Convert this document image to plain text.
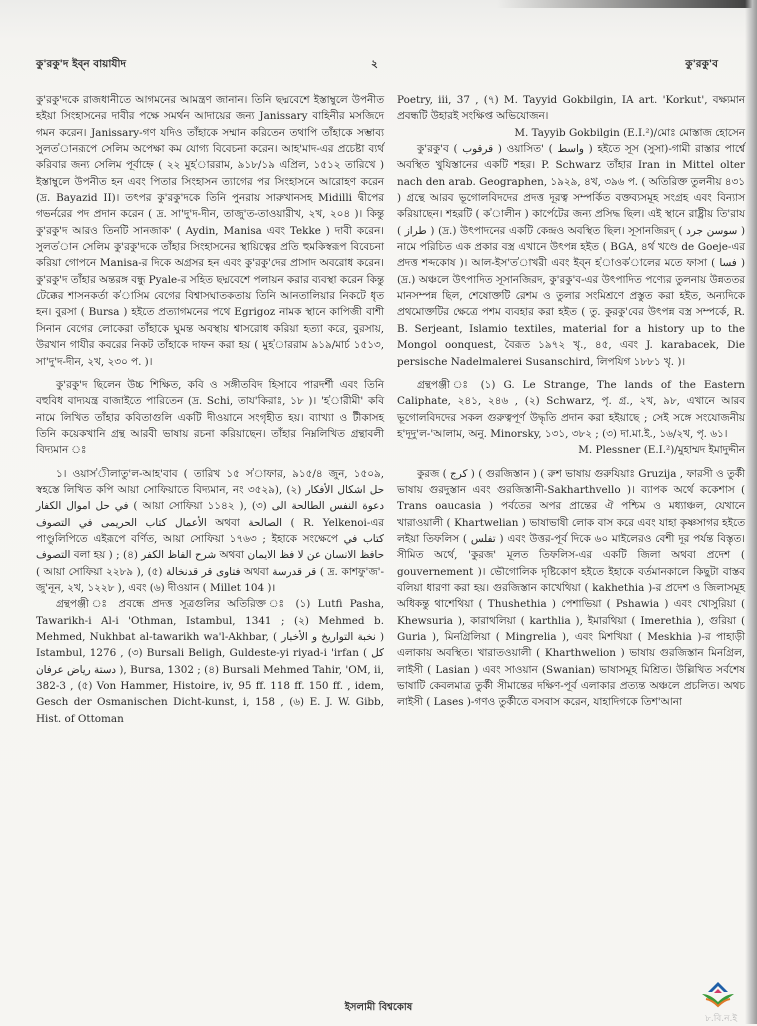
কু'রকু'দ ইব্‌ন বায়াযীদ	২	কু'রকু'ব

কু'রকু'দকে রাজধানীতে আগমনের আমন্ত্রণ জানান। তিনি ছদ্মবেশে ইস্তাম্বুলে উপনীত হইয়া সিংহাসনের দাবীর পক্ষে সমর্থন আদায়ের জন্য Janissary বাহিনীর মসজিদে গমন করেন। Janissary-গণ যদিও তাঁহাকে সম্মান করিতেন তথাপি তাঁহাকে সম্ভাব্য সুলত'ানরূপে সেলিম অপেক্ষা কম যোগ্য বিবেচনা করেন। আহ'মাদ-এর প্রচেষ্টা ব্যর্থ করিবার জন্য সেলিম পূর্বাহ্নে ( ২২ মুহ'াররাম, ৯১৮/১৯ এপ্রিল, ১৫১২ তারিখে ) ইস্তাম্বুলে উপনীত হন এবং পিতার সিংহাসন ত্যাগের পর সিংহাসনে আরোহণ করেন (দ্র. Bayazid II)। তৎপর কু'রকু'দকে তিনি পুনরায় সারুখানসহ Midilli দ্বীপের গভর্নরের পদ প্রদান করেন ( দ্র. সা'দু'দ-দীন, তাজু'ত-তাওয়ারীখ, ২খ, ২০৪ )। কিন্তু কু'রকু'দ আরও তিনটি সানজাক' ( Aydin, Manisa এবং Tekke ) দাবী করেন। সুলত'ান সেলিম কু'রকু'দকে তাঁহার সিংহাসনের স্থায়িত্বের প্রতি হুমকিস্বরূপ বিবেচনা করিয়া গোপনে Manisa-র দিকে অগ্রসর হন এবং কু'রকু'দের প্রাসাদ অবরোধ করেন। কু'রকু'দ তাঁহার অন্তরঙ্গ বন্ধু Pyale-র সহিত ছদ্মবেশে পলায়ন করার ব্যবস্থা করেন কিন্তু টেক্কের শাসনকর্তা ক'াসিম বেগের বিশ্বাসঘাতকতায় তিনি আনতালিয়ার নিকটে ধৃত হন। বুরসা ( Bursa ) হইতে প্রত্যাগমনের পথে Egrigoz নামক স্থানে কাপিজী বাশী সিনান বেগের লোকেরা তাঁহাকে ঘুমন্ত অবস্থায় শ্বাসরোধ করিয়া হত্যা করে, বুরসায়, উরখান গাযীর কবরের নিকট তাঁহাকে দাফন করা হয় ( মুহ'াররাম ৯১৯/মার্চ ১৫১৩, সা'দু'দ-দীন, ২খ, ২৩০ প. )।

কু'রকু'দ ছিলেন উচ্চ শিক্ষিত, কবি ও সঙ্গীতবিদ হিসাবে পারদর্শী এবং তিনি বহুবিধ বাদ্যযন্ত্র বাজাইতে পারিতেন (দ্র. Schi, তায'কিরাঃ, ১৮ )। 'হ'ারীমী' কবি নামে লিখিত তাঁহার কবিতাগুলি একটি দীওয়ানে সংগৃহীত হয়। ব্যাখ্যা ও টীকাসহ তিনি কয়েকখানি গ্রন্থ আরবী ভাষায় রচনা করিয়াছেন। তাঁহার নিম্নলিখিত গ্রন্থাবলী বিদ্যমান ঃ

১। ওয়াস'ীলাতু'ল-আহ'বাব ( তারিখ ১৫ স'াফার, ৯১৫/৪ জুন, ১৫০৯, স্বহস্তে লিখিত কপি আয়া সোফিয়াতে বিদ্যমান, নং ৩৫২৯), (২) حل اشكال الأفكار في حل اموال الكفار ( আয়া সোফিয়া ১১৪২ ), (৩) دعوة النفس الطالحة الى الأعمال كتاب الحريمى في التصوف অথবা الصالحة ( R. Yelkenoi-এর পাণ্ডুলিপিতে এইরূপে বর্ণিত, আয়া সোফিয়া ১৭৬৩ ; ইহাকে সংক্ষেপে كتاب في التصوف বলা হয় ) ; (৪) شرح الفاظ الكفر অথবা حافظ الانسان عن لا فظ الايمان ( আয়া সোফিয়া ২২৮৯ ), (৫) فتاوى قر قدنخالة অথবা قر قدرسة ( দ্র. কাশফু'জ'-জু'নূন, ২খ, ১২২৮ ), এবং (৬) দীওয়ান ( Millet 104 )।

গ্রন্থপঞ্জী ঃ প্রবন্ধে প্রদত্ত সূত্রগুলির অতিরিক্ত ঃ (১) Lutfi Pasha, Tawarikh-i Al-i 'Othman, Istambul, 1341 ; (২) Mehmed b. Mehmed, Nukhbat al-tawarikh wa'l-Akhbar, ( نخبة التواريخ و الأخبار ) Istambul, 1276 , (৩) Bursali Beligh, Guldeste-yi riyad-i 'irfan ( كل دستة رياض عرفان ), Bursa, 1302 ; (৪) Bursali Mehmed Tahir, 'OM, ii, 382-3 , (৫) Von Hammer, Histoire, iv, 95 ff. 118 ff. 150 ff. , idem, Gesch der Osmanischen Dicht-kunst, i, 158 , (৬) E. J. W. Gibb, Hist. of Ottoman

Poetry, iii, 37 , (৭) M. Tayyid Gokbilgin, IA art. 'Korkut', বক্ষ্যমান প্রবন্ধটি উহারই সংক্ষিপ্ত অভিযোজন।

M. Tayyib Gokbilgin (E.I.²)/মোঃ মোস্তাজ হোসেন

কু'রকু'ব ( قرقوب ) ওয়াসিত' ( واسط ) হইতে সূস (সুসা)-গামী রাস্তার পার্শ্বে অবস্থিত খুযিস্তানের একটি শহর। P. Schwarz তাঁহার Iran in Mittel olter nach den arab. Geographen, ১৯২৯, ৪খ, ৩৯৬ প. ( অতিরিক্ত তুলনীয় ৪৩১ ) গ্রন্থে আরব ভূগোলবিদদের প্রদত্ত দূরত্ব সম্পর্কিত বক্তব্যসমূহ সংগ্রহ এবং বিন্যাস করিয়াছেন। শহরটি ( ক'ালীন ) কার্পেটের জন্য প্রসিদ্ধ ছিল। এই স্থানে রাষ্ট্রীয় তি'রায ( طراز ) (দ্র.) উৎপাদনের একটি কেন্দ্রও অবস্থিত ছিল। সূসানজিরদ্‌ ( سوسن جرد ) নামে পরিচিত এক প্রকার বস্ত্র এখানে উৎপন্ন হইত ( BGA, ৪র্থ খণ্ডে de Goeje-এর প্রদত্ত শব্দকোষ )। আল-ইস'ত'াখরী এবং ইব্‌ন হ'াওক'ালের মতে ফাসা ( فسا ) (দ্র.) অঞ্চলে উৎপাদিত সূসানজিরদ, কু'রকু'ব-এর উৎপাদিত পণ্যের তুলনায় উন্নততর মানসম্পন্ন ছিল, শেষোক্তটি রেশম ও তুলার সংমিশ্রণে প্রস্তুত করা হইত, অন্যদিকে প্রথমোক্তটির ক্ষেত্রে পশম ব্যবহার করা হইত ( তু. কুরকু'বের উৎপন্ন বস্ত্র সম্পর্কে, R. B. Serjeant, Islamio textiles, material for a history up to the Mongol oonquest, বৈরূত ১৯৭২ খৃ., ৪৫, এবং J. karabacek, Die persische Nadelmalerei Susanschird, লিপযিগ ১৮৮১ খৃ. )।

গ্রন্থপঞ্জী ঃ (১) G. Le Strange, The lands of the Eastern Caliphate, ২৪১, ২৪৬ , (২) Schwarz, পৃ. গ্র., ২খ, ৯৮, এখানে আরব ভূগোলবিদদের সকল গুরুত্বপূর্ণ উদ্ধৃতি প্রদান করা হইয়াছে ; সেই সঙ্গে সংযোজনীয় হ'দূদু'ল-'আলাম, অনু. Minorsky, ১৩১, ৩৮২ ; (৩) দা.মা.ই., ১৬/২খ, পৃ. ৬১।

M. Plessner (E.I.²)/মুহাম্মদ ইমাদুদ্দীন

কুরজ ( كرج ) ( গুরজিস্তান ) ( রুশ ভাষায় গুরুযিয়াঃ Gruzija , ফারসী ও তুর্কী ভাষায় গুরদুস্তান এবং গুরজিস্তানী-Sakharthvello )। ব্যাপক অর্থে ককেশাস ( Trans oaucasia ) পর্বতের অপর প্রান্তের ঐ পশ্চিম ও মধ্যাঞ্চল, যেখানে খারাওয়ালী ( Khartwelian ) ভাষাভাষী লোক বাস করে এবং যাহা কৃষ্ণসাগর হইতে লইয়া তিফলিস ( تفلس ) এবং উত্তর-পূর্ব দিকে ৬০ মাইলেরও বেশী দূর পর্যন্ত বিস্তৃত। সীমিত অর্থে, 'কুরজ' মূলত তিফলিস-এর একটি জিলা অথবা প্রদেশ ( gouvernement )। ভৌগোলিক দৃষ্টিকোণ হইতে ইহাকে বর্তমানকালে কিছুটা বাস্তব বলিয়া ধারণা করা হয়। গুরজিস্তান কাখেথিয়া ( kakhethia )-র প্রদেশ ও জিলাসমূহ অধিকন্তু থাশেথিয়া ( Thushethia ) পেশাভিয়া ( Pshawia ) এবং খোসুরিয়া ( Khewsuria ), কারাথলিয়া ( karthlia ), ইমারথিয়া ( Imerethia ), গুরিয়া ( Guria ), মিনগ্রিলিয়া ( Mingrelia ), এবং মিশখিয়া ( Meskhia )-র পাহাড়ী এলাকায় অবস্থিত। খারাতওয়ালী ( Kharthwelion ) ভাষায় গুরজিস্তান মিনগ্রিল, লাইসী ( Lasian ) এবং সাওয়ান (Swanian) ভাষাসমূহ মিশ্রিত। উল্লিখিত সর্বশেষ ভাষাটি কেবলমাত্র তুর্কী সীমান্তের দক্ষিণ-পূর্ব এলাকার প্রত্যন্ত অঞ্চলে প্রচলিত। অথচ লাইসী ( Lases )-গণও তুর্কীতে বসবাস করেন, যাহাদিগকে তিশ'আনা

ইসলামী বিশ্বকোষ
৮.বি.ন.ই
